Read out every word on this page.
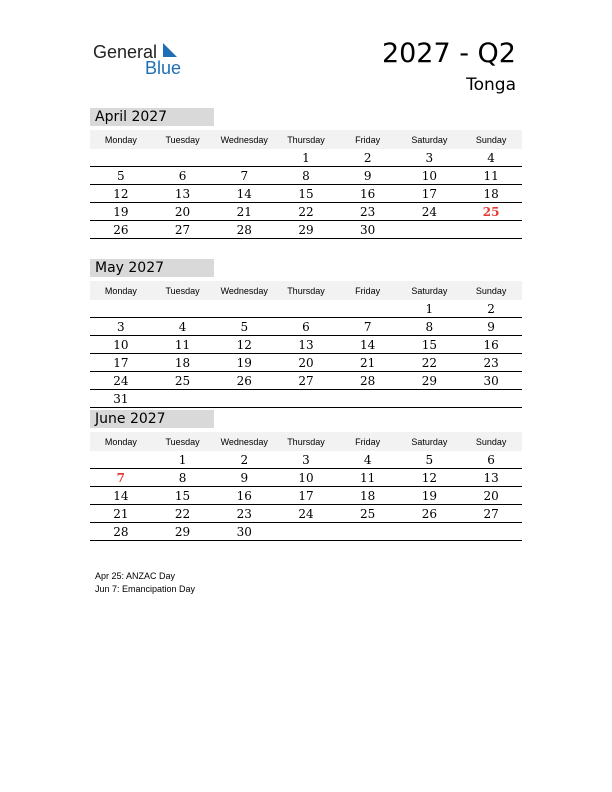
General
Blue	2027 - Q2
Tonga
April 2027
Monday	Tuesday	Wednesday	Thursday	Friday	Saturday	Sunday
			1	2	3	4
5	6	7	8	9	10	11
12	13	14	15	16	17	18
19	20	21	22	23	24	25
26	27	28	29	30		
May 2027
Monday	Tuesday	Wednesday	Thursday	Friday	Saturday	Sunday
					1	2
3	4	5	6	7	8	9
10	11	12	13	14	15	16
17	18	19	20	21	22	23
24	25	26	27	28	29	30
31						
June 2027
Monday	Tuesday	Wednesday	Thursday	Friday	Saturday	Sunday
	1	2	3	4	5	6
7	8	9	10	11	12	13
14	15	16	17	18	19	20
21	22	23	24	25	26	27
28	29	30				
Apr 25: ANZAC Day
Jun 7: Emancipation Day
